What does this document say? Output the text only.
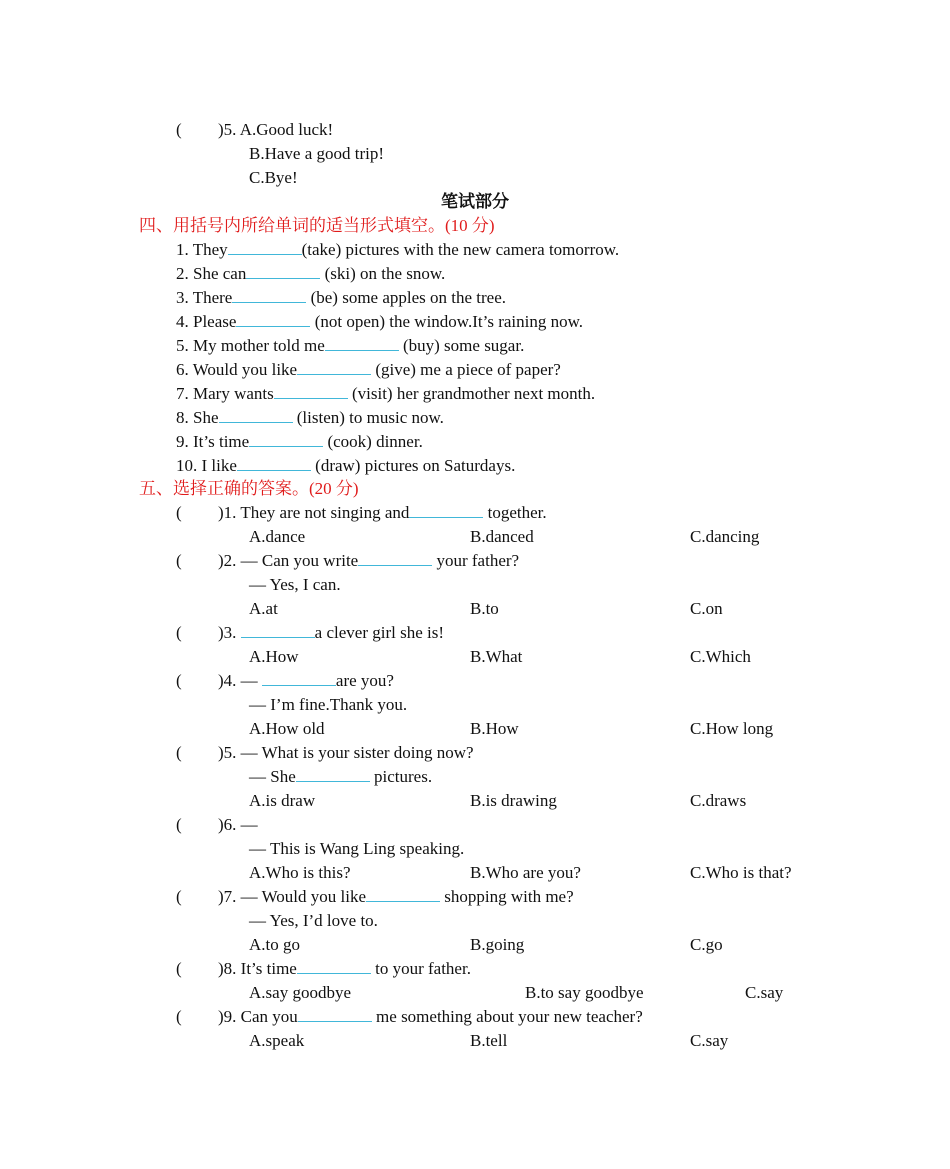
( )5. A.Good luck!
B.Have a good trip!
C.Bye!
笔试部分
四、用括号内所给单词的适当形式填空。(10 分)
1. They	(take) pictures with the new camera tomorrow.
2. She can	(ski) on the snow.
3. There	(be) some apples on the tree.
4. Please	(not open) the window.It’s raining now.
5. My mother told me	(buy) some sugar.
6. Would you like	(give) me a piece of paper?
7. Mary wants	(visit) her grandmother next month.
8. She	(listen) to music now.
9. It’s time	(cook) dinner.
10. I like	(draw) pictures on Saturdays.
五、选择正确的答案。(20 分)
( )1. They are not singing and	together.
A.dance	B.danced	C.dancing
( )2. — Can you write	your father?
— Yes, I can.
A.at	B.to	C.on
( )3.	a clever girl she is!
A.How	B.What	C.Which
( )4. —	are you?
— I’m fine.Thank you.
A.How old	B.How	C.How long
( )5. — What is your sister doing now?
— She	pictures.
A.is draw	B.is drawing	C.draws
( )6. —
— This is Wang Ling speaking.
A.Who is this?	B.Who are you?	C.Who is that?
( )7. — Would you like	shopping with me?
— Yes, I’d love to.
A.to go	B.going	C.go
( )8. It’s time	to your father.
A.say goodbye	B.to say goodbye	C.say
( )9. Can you	me something about your new teacher?
A.speak	B.tell	C.say
